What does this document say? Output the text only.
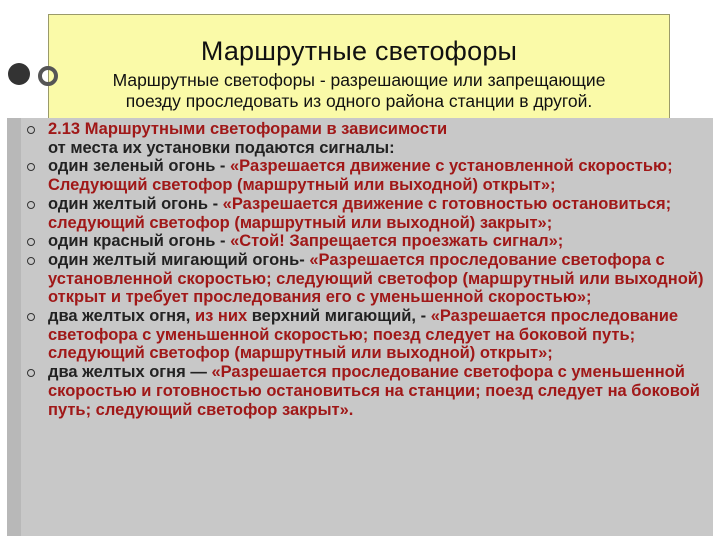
Маршрутные светофоры
Маршрутные светофоры - разрешающие или запрещающие
поезду проследовать из одного района станции в другой.
2.13 Маршрутными светофорами в зависимости
от места их установки подаются сигналы:
один зеленый огонь - «Разрешается движение с установленной скоростью; Следующий светофор (маршрутный или выходной) открыт»;
один желтый огонь - «Разрешается движение с готовностью остановиться; следующий светофор (маршрутный или выходной) закрыт»;
один красный огонь - «Стой! Запрещается проезжать сигнал»;
один желтый мигающий огонь- «Разрешается проследование светофора с установленной скоростью; следующий светофор (маршрутный или выходной) открыт и требует проследования его с уменьшенной скоростью»;
два желтых огня, из них верхний мигающий, - «Разрешается проследование светофора с уменьшенной скоростью; поезд следует на боковой путь; следующий светофор (маршрутный или выходной) открыт»;
два желтых огня — «Разрешается проследование светофора с уменьшенной скоростью и готовностью остановиться на станции; поезд следует на боковой путь; следующий светофор закрыт».
